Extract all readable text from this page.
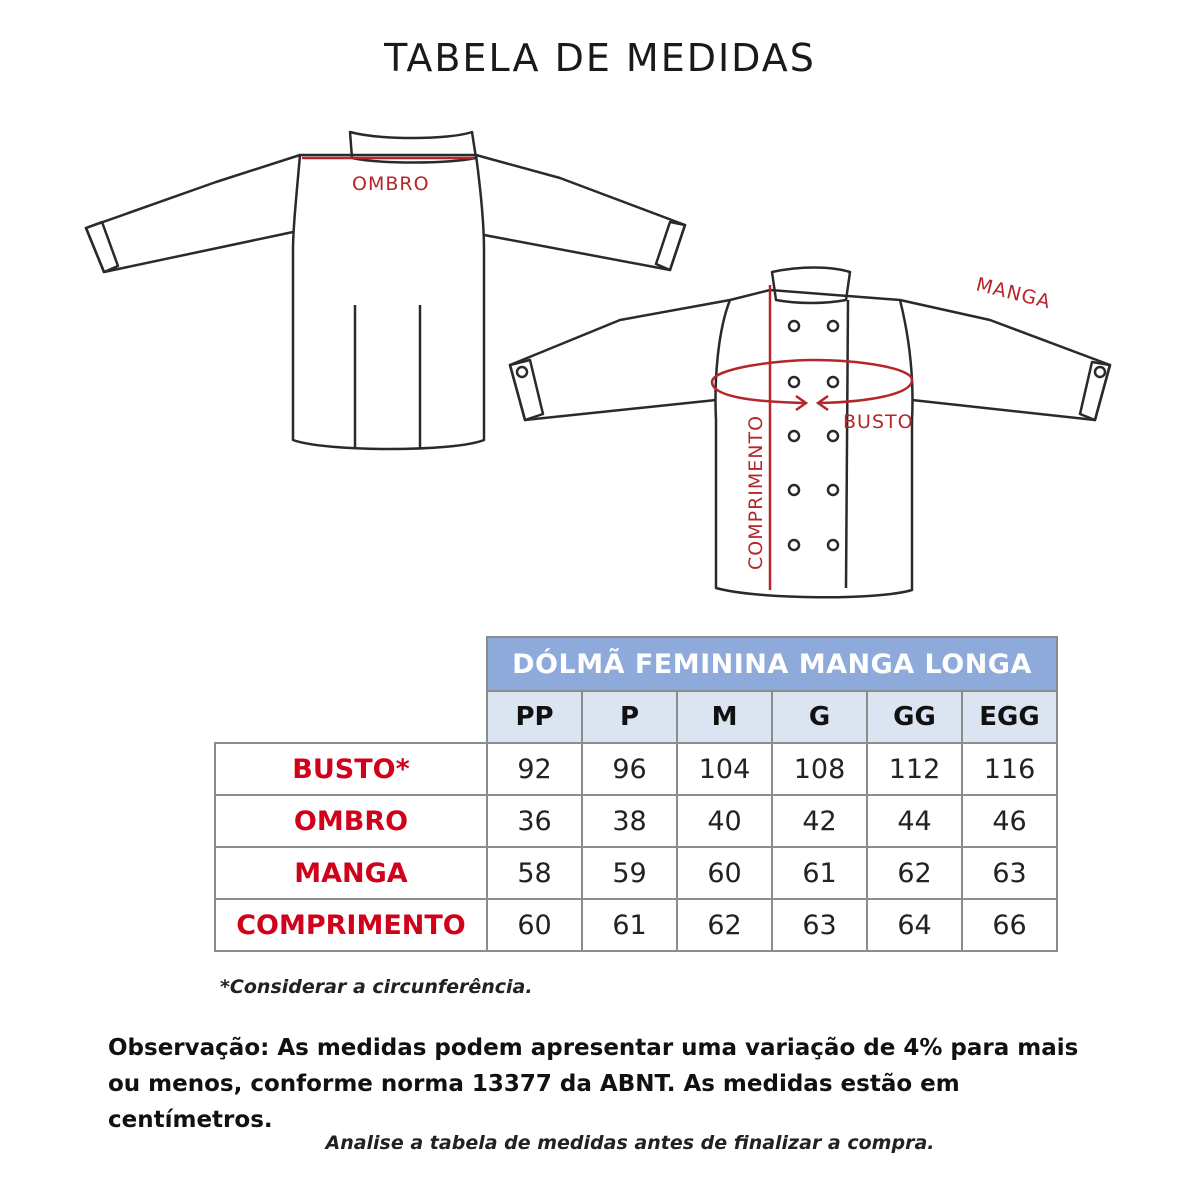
TABELA DE MEDIDAS
OMBRO
BUSTO
MANGA
COMPRIMENTO
	DÓLMÃ FEMININA MANGA LONGA					
	PP	P	M	G	GG	EGG
BUSTO*	92	96	104	108	112	116
OMBRO	36	38	40	42	44	46
MANGA	58	59	60	61	62	63
COMPRIMENTO	60	61	62	63	64	66
*Considerar a circunferência.
Observação: As medidas podem apresentar uma variação de 4% para mais ou menos, conforme norma 13377 da ABNT. As medidas estão em centímetros.
Analise a tabela de medidas antes de finalizar a compra.
